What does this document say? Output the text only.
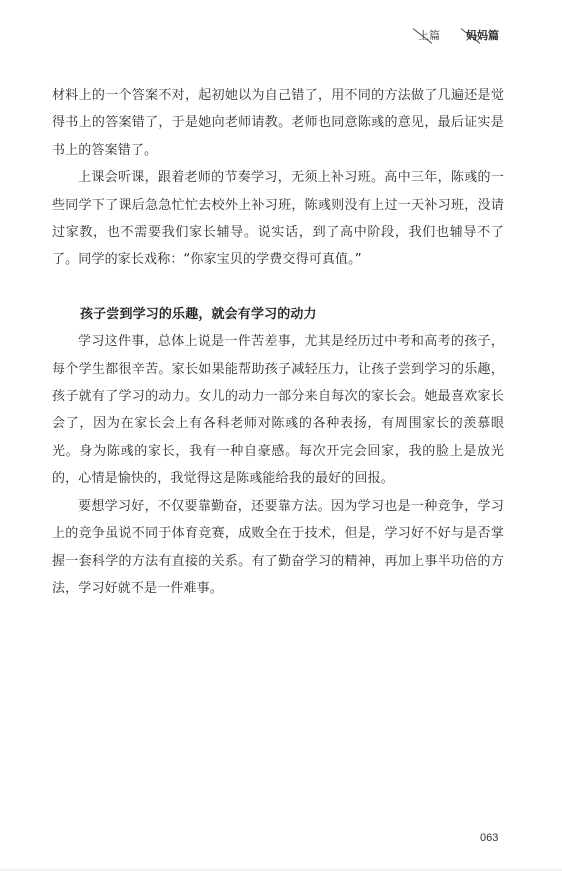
上篇 妈妈篇

材料上的一个答案不对，起初她以为自己错了，用不同的方法做了几遍还是觉得书上的答案错了，于是她向老师请教。老师也同意陈彧的意见，最后证实是书上的答案错了。

上课会听课，跟着老师的节奏学习，无须上补习班。高中三年，陈彧的一些同学下了课后急急忙忙去校外上补习班，陈彧则没有上过一天补习班，没请过家教，也不需要我们家长辅导。说实话，到了高中阶段，我们也辅导不了了。同学的家长戏称：“你家宝贝的学费交得可真值。”

孩子尝到学习的乐趣，就会有学习的动力

学习这件事，总体上说是一件苦差事，尤其是经历过中考和高考的孩子，每个学生都很辛苦。家长如果能帮助孩子减轻压力，让孩子尝到学习的乐趣，孩子就有了学习的动力。女儿的动力一部分来自每次的家长会。她最喜欢家长会了，因为在家长会上有各科老师对陈彧的各种表扬，有周围家长的羡慕眼光。身为陈彧的家长，我有一种自豪感。每次开完会回家，我的脸上是放光的，心情是愉快的，我觉得这是陈彧能给我的最好的回报。

要想学习好，不仅要靠勤奋，还要靠方法。因为学习也是一种竞争，学习上的竞争虽说不同于体育竞赛，成败全在于技术，但是，学习好不好与是否掌握一套科学的方法有直接的关系。有了勤奋学习的精神，再加上事半功倍的方法，学习好就不是一件难事。

063
